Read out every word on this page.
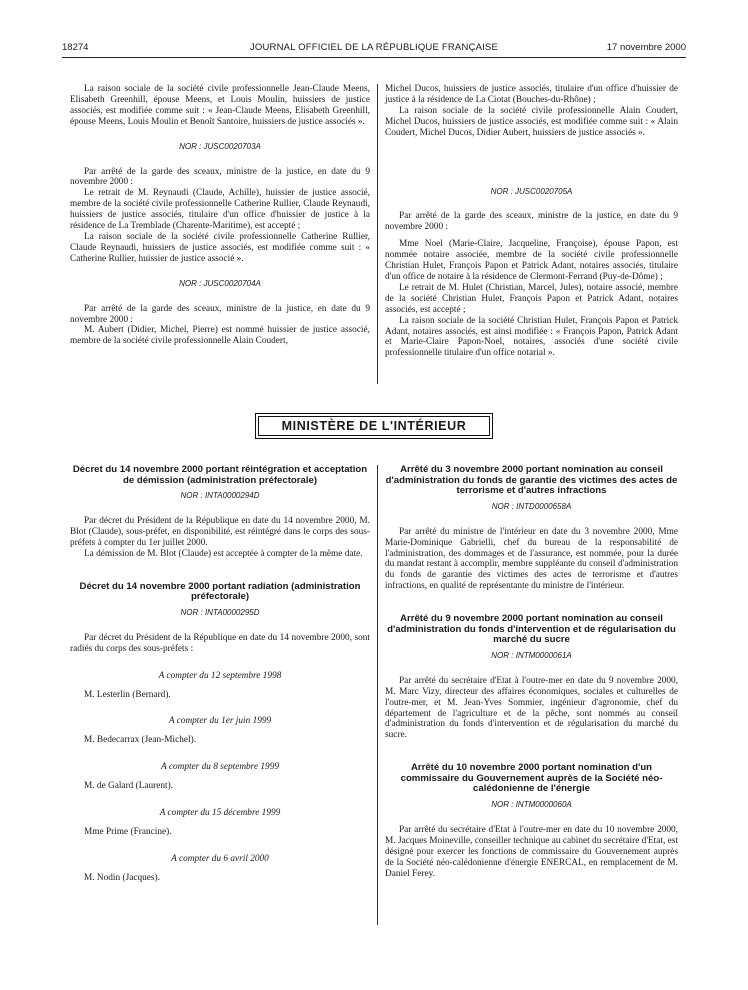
18274	JOURNAL OFFICIEL DE LA RÉPUBLIQUE FRANÇAISE	17 novembre 2000

La raison sociale de la société civile professionnelle Jean-Claude Meens, Elisabeth Greenhill, épouse Meens, et Louis Moulin, huissiers de justice associés, est modifiée comme suit : « Jean-Claude Meens, Elisabeth Greenhill, épouse Meens, Louis Moulin et Benoît Santoire, huissiers de justice associés ».

NOR : JUSC0020703A

Par arrêté de la garde des sceaux, ministre de la justice, en date du 9 novembre 2000 :

Le retrait de M. Reynaudi (Claude, Achille), huissier de justice associé, membre de la société civile professionnelle Catherine Rullier, Claude Reynaudi, huissiers de justice associés, titulaire d'un office d'huissier de justice à la résidence de La Tremblade (Charente-Maritime), est accepté ;

La raison sociale de la société civile professionnelle Catherine Rullier, Claude Reynaudi, huissiers de justice associés, est modifiée comme suit : « Catherine Rullier, huissier de justice associé ».

NOR : JUSC0020704A

Par arrêté de la garde des sceaux, ministre de la justice, en date du 9 novembre 2000 :

M. Aubert (Didier, Michel, Pierre) est nommé huissier de justice associé, membre de la société civile professionnelle Alain Coudert,

Michel Ducos, huissiers de justice associés, titulaire d'un office d'huissier de justice à la résidence de La Ciotat (Bouches-du-Rhône) ;

La raison sociale de la société civile professionnelle Alain Coudert, Michel Ducos, huissiers de justice associés, est modifiée comme suit : « Alain Coudert, Michel Ducos, Didier Aubert, huissiers de justice associés ».

NOR : JUSC0020705A

Par arrêté de la garde des sceaux, ministre de la justice, en date du 9 novembre 2000 :

Mme Noel (Marie-Claire, Jacqueline, Françoise), épouse Papon, est nommée notaire associée, membre de la société civile professionnelle Christian Hulet, François Papon et Patrick Adant, notaires associés, titulaire d'un office de notaire à la résidence de Clermont-Ferrand (Puy-de-Dôme) ;

Le retrait de M. Hulet (Christian, Marcel, Jules), notaire associé, membre de la société Christian Hulet, François Papon et Patrick Adant, notaires associés, est accepté ;

La raison sociale de la société Christian Hulet, François Papon et Patrick Adant, notaires associés, est ainsi modifiée : « François Papon, Patrick Adant et Marie-Claire Papon-Noel, notaires, associés d'une société civile professionnelle titulaire d'un office notarial ».

MINISTÈRE DE L'INTÉRIEUR

Décret du 14 novembre 2000 portant réintégration et acceptation de démission (administration préfectorale)

NOR : INTA0000294D

Par décret du Président de la République en date du 14 novembre 2000, M. Blot (Claude), sous-préfet, en disponibilité, est réintégré dans le corps des sous-préfets à compter du 1er juillet 2000.

La démission de M. Blot (Claude) est acceptée à compter de la même date.

Décret du 14 novembre 2000 portant radiation (administration préfectorale)

NOR : INTA0000295D

Par décret du Président de la République en date du 14 novembre 2000, sont radiés du corps des sous-préfets :

A compter du 12 septembre 1998

M. Lesterlin (Bernard).

A compter du 1er juin 1999

M. Bedecarrax (Jean-Michel).

A compter du 8 septembre 1999

M. de Galard (Laurent).

A compter du 15 décembre 1999

Mme Prime (Francine).

A compter du 6 avril 2000

M. Nodin (Jacques).

Arrêté du 3 novembre 2000 portant nomination au conseil d'administration du fonds de garantie des victimes des actes de terrorisme et d'autres infractions

NOR : INTD0000658A

Par arrêté du ministre de l'intérieur en date du 3 novembre 2000, Mme Marie-Dominique Gabrielli, chef du bureau de la responsabilité de l'administration, des dommages et de l'assurance, est nommée, pour la durée du mandat restant à accomplir, membre suppléante du conseil d'administration du fonds de garantie des victimes des actes de terrorisme et d'autres infractions, en qualité de représentante du ministre de l'intérieur.

Arrêté du 9 novembre 2000 portant nomination au conseil d'administration du fonds d'intervention et de régularisation du marché du sucre

NOR : INTM0000061A

Par arrêté du secrétaire d'Etat à l'outre-mer en date du 9 novembre 2000, M. Marc Vizy, directeur des affaires économiques, sociales et culturelles de l'outre-mer, et M. Jean-Yves Sommier, ingénieur d'agronomie, chef du département de l'agriculture et de la pêche, sont nommés au conseil d'administration du fonds d'intervention et de régularisation du marché du sucre.

Arrêté du 10 novembre 2000 portant nomination d'un commissaire du Gouvernement auprès de la Société néo-calédonienne de l'énergie

NOR : INTM0000060A

Par arrêté du secrétaire d'Etat à l'outre-mer en date du 10 novembre 2000, M. Jacques Moineville, conseiller technique au cabinet du secrétaire d'Etat, est désigné pour exercer les fonctions de commissaire du Gouvernement auprès de la Société néo-calédonienne d'énergie ENERCAL, en remplacement de M. Daniel Ferey.
